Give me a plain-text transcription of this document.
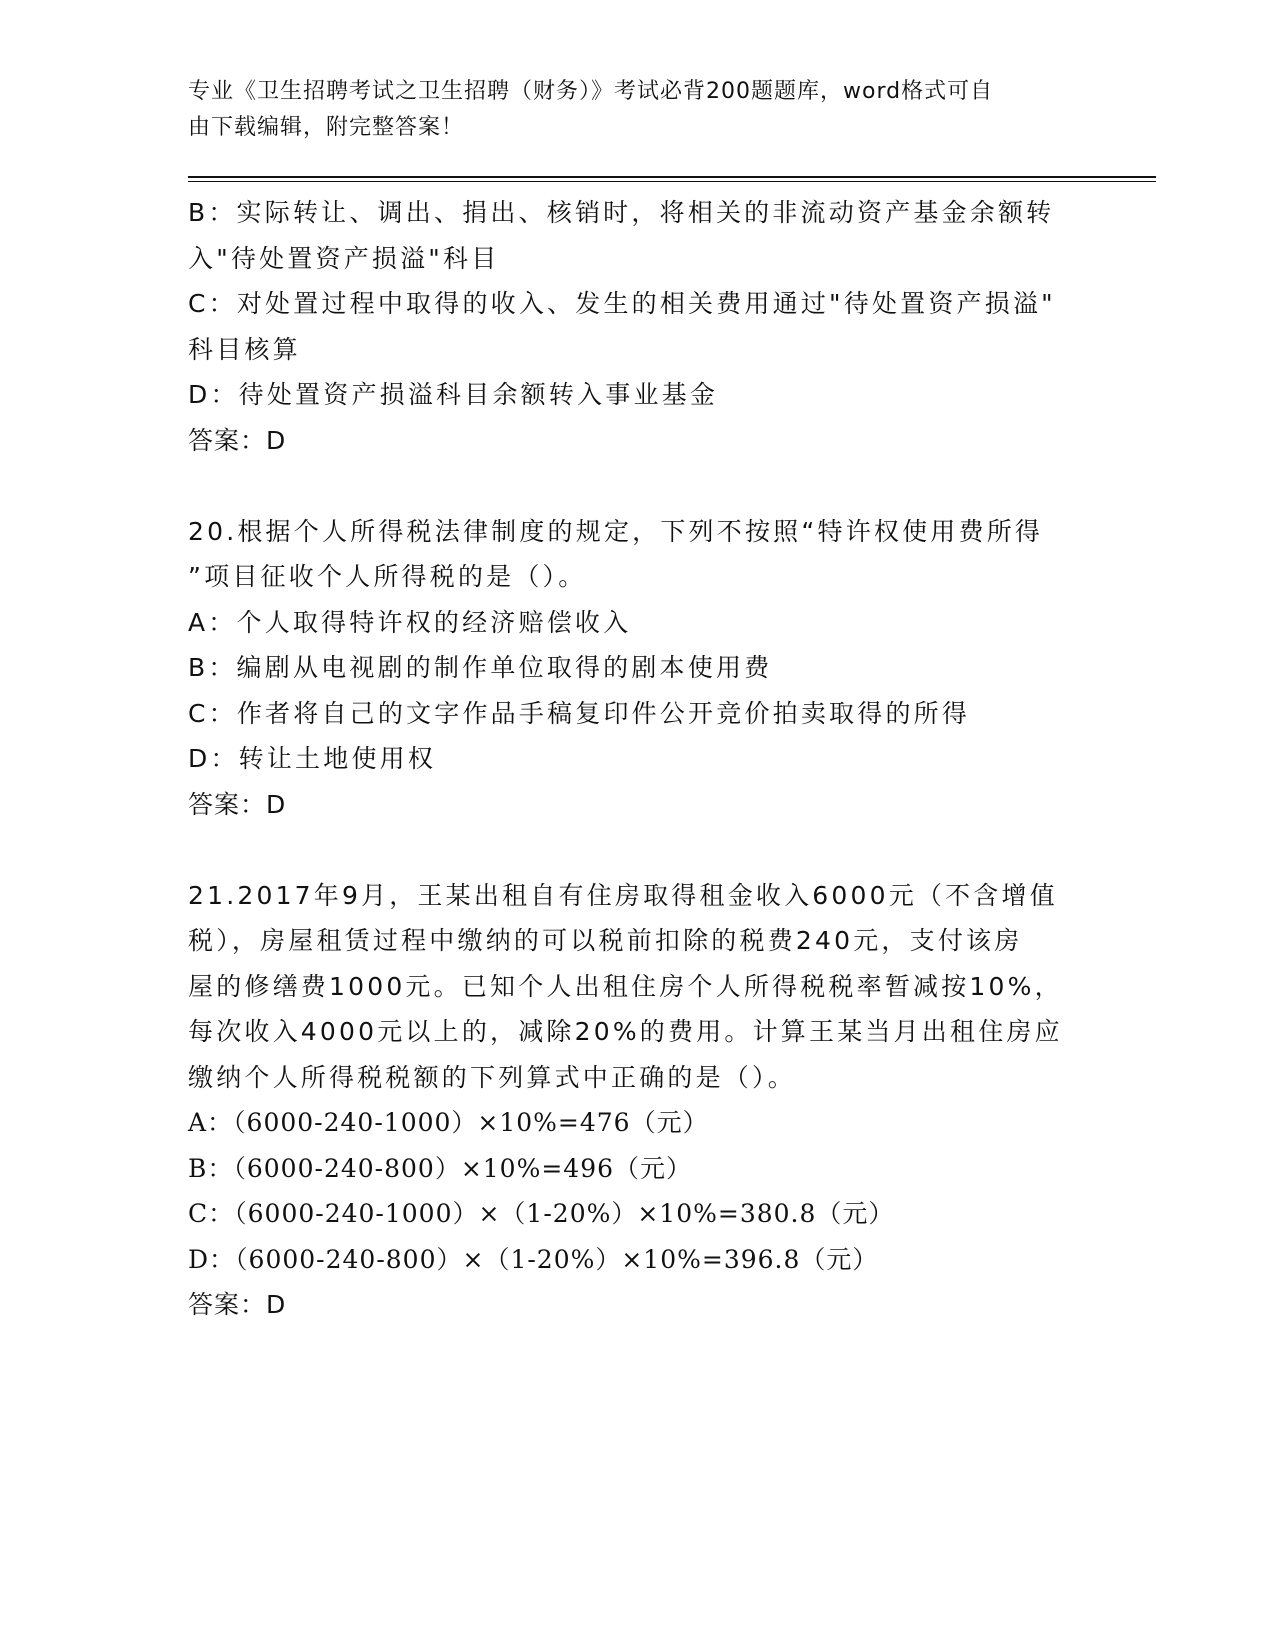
专业《卫生招聘考试之卫生招聘（财务）》考试必背200题题库，word格式可自
由下载编辑，附完整答案！
B：实际转让、调出、捐出、核销时，将相关的非流动资产基金余额转
入"待处置资产损溢"科目
C：对处置过程中取得的收入、发生的相关费用通过"待处置资产损溢"
科目核算
D：待处置资产损溢科目余额转入事业基金
答案：D
20.根据个人所得税法律制度的规定，下列不按照“特许权使用费所得
”项目征收个人所得税的是（）。
A：个人取得特许权的经济赔偿收入
B：编剧从电视剧的制作单位取得的剧本使用费
C：作者将自己的文字作品手稿复印件公开竞价拍卖取得的所得
D：转让土地使用权
答案：D
21.2017年9月，王某出租自有住房取得租金收入6000元（不含增值
税），房屋租赁过程中缴纳的可以税前扣除的税费240元，支付该房
屋的修缮费1000元。已知个人出租住房个人所得税税率暂减按10%，
每次收入4000元以上的，减除20%的费用。计算王某当月出租住房应
缴纳个人所得税税额的下列算式中正确的是（）。
A：（6000-240-1000）×10%=476（元）
B：（6000-240-800）×10%=496（元）
C：（6000-240-1000）×（1-20%）×10%=380.8（元）
D：（6000-240-800）×（1-20%）×10%=396.8（元）
答案：D
